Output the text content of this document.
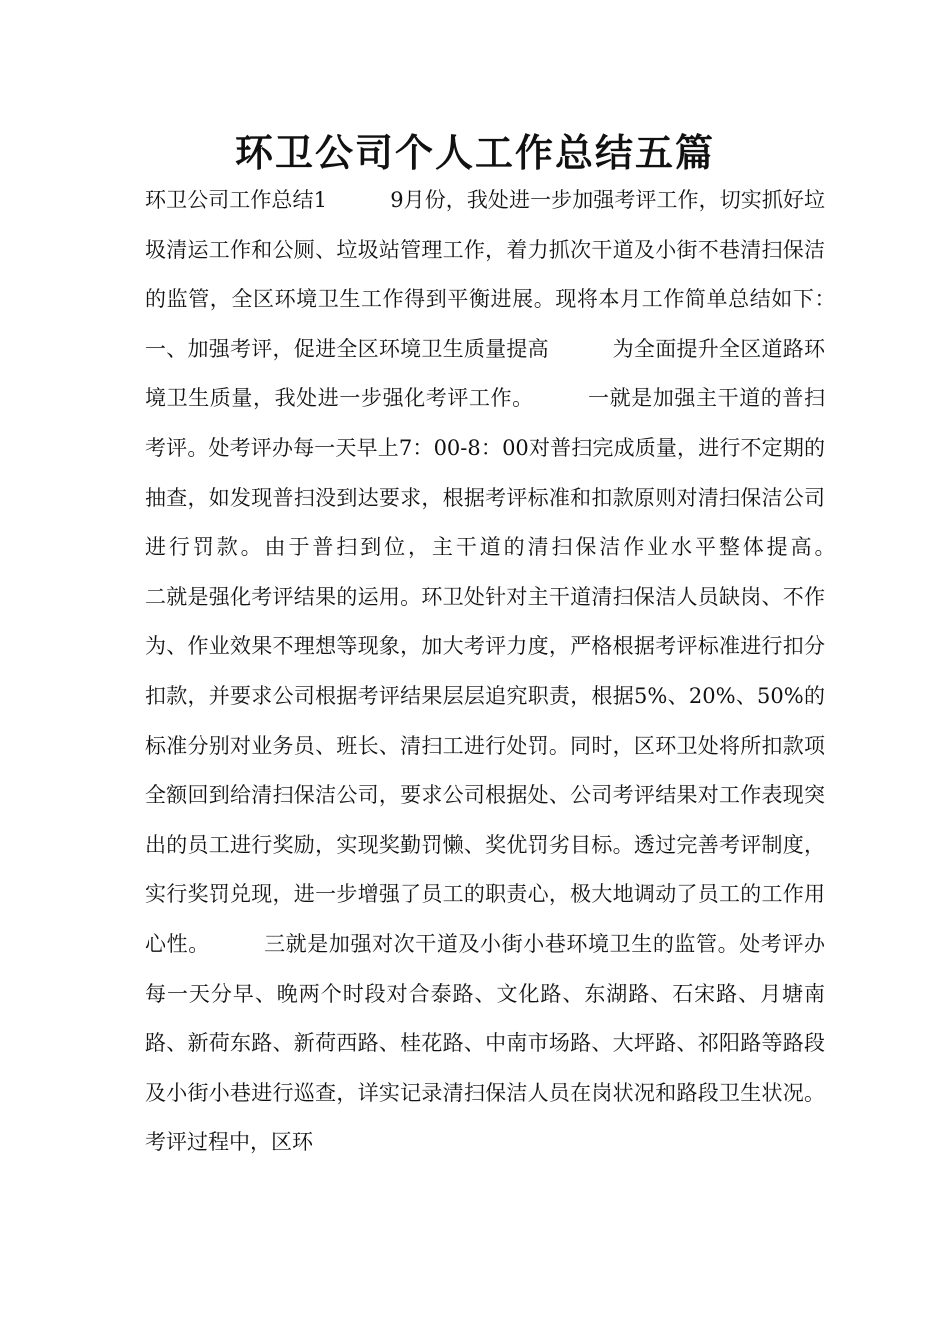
环卫公司个人工作总结五篇

环卫公司工作总结1　　　9月份，我处进一步加强考评工作，切实抓好垃圾清运工作和公厕、垃圾站管理工作，着力抓次干道及小街不巷清扫保洁的监管，全区环境卫生工作得到平衡进展。现将本月工作简单总结如下：　　　一、加强考评，促进全区环境卫生质量提高　　　为全面提升全区道路环境卫生质量，我处进一步强化考评工作。　　　一就是加强主干道的普扫考评。处考评办每一天早上7：00-8：00对普扫完成质量，进行不定期的抽查，如发现普扫没到达要求，根据考评标准和扣款原则对清扫保洁公司进行罚款。由于普扫到位，主干道的清扫保洁作业水平整体提高。　　　二就是强化考评结果的运用。环卫处针对主干道清扫保洁人员缺岗、不作为、作业效果不理想等现象，加大考评力度，严格根据考评标准进行扣分扣款，并要求公司根据考评结果层层追究职责，根据5%、20%、50%的标准分别对业务员、班长、清扫工进行处罚。同时，区环卫处将所扣款项全额回到给清扫保洁公司，要求公司根据处、公司考评结果对工作表现突出的员工进行奖励，实现奖勤罚懒、奖优罚劣目标。透过完善考评制度，实行奖罚兑现，进一步增强了员工的职责心，极大地调动了员工的工作用心性。　　　三就是加强对次干道及小街小巷环境卫生的监管。处考评办每一天分早、晚两个时段对合泰路、文化路、东湖路、石宋路、月塘南路、新荷东路、新荷西路、桂花路、中南市场路、大坪路、祁阳路等路段及小街小巷进行巡查，详实记录清扫保洁人员在岗状况和路段卫生状况。考评过程中，区环
